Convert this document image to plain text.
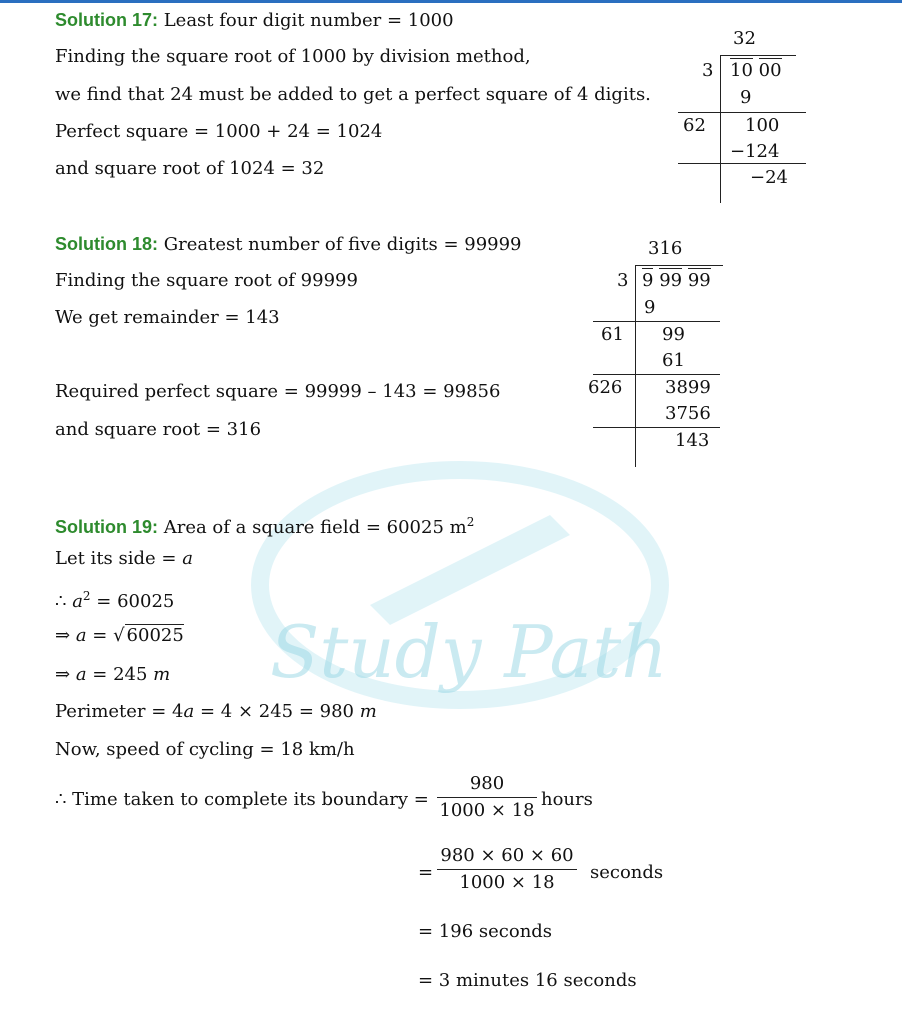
Study Path
Solution 17: Least four digit number = 1000
Finding the square root of 1000 by division method,
we find that 24 must be added to get a perfect square of 4 digits.
Perfect square = 1000 + 24 = 1024
and square root of 1024 = 32
32
3 10 00
9
62 100
−124
−24
Solution 18: Greatest number of five digits = 99999
Finding the square root of 99999
We get remainder = 143
Required perfect square = 99999 – 143 = 99856
and square root = 316
316
3 9 99 99
9
61 99
61
626 3899
3756
143
Solution 19: Area of a square field = 60025 $m^2$
Let its side = a
∴ $a^2 = 60025$
⇒ a = √ 60025
⇒ a = 245 m
Perimeter = 4a = 4 × 245 = 980 m
Now, speed of cycling = 18 km/h
∴ Time taken to complete its boundary =
980
1000 × 18
hours
=
980 × 60 × 60
1000 × 18	seconds
= 196 seconds
= 3 minutes 16 seconds
